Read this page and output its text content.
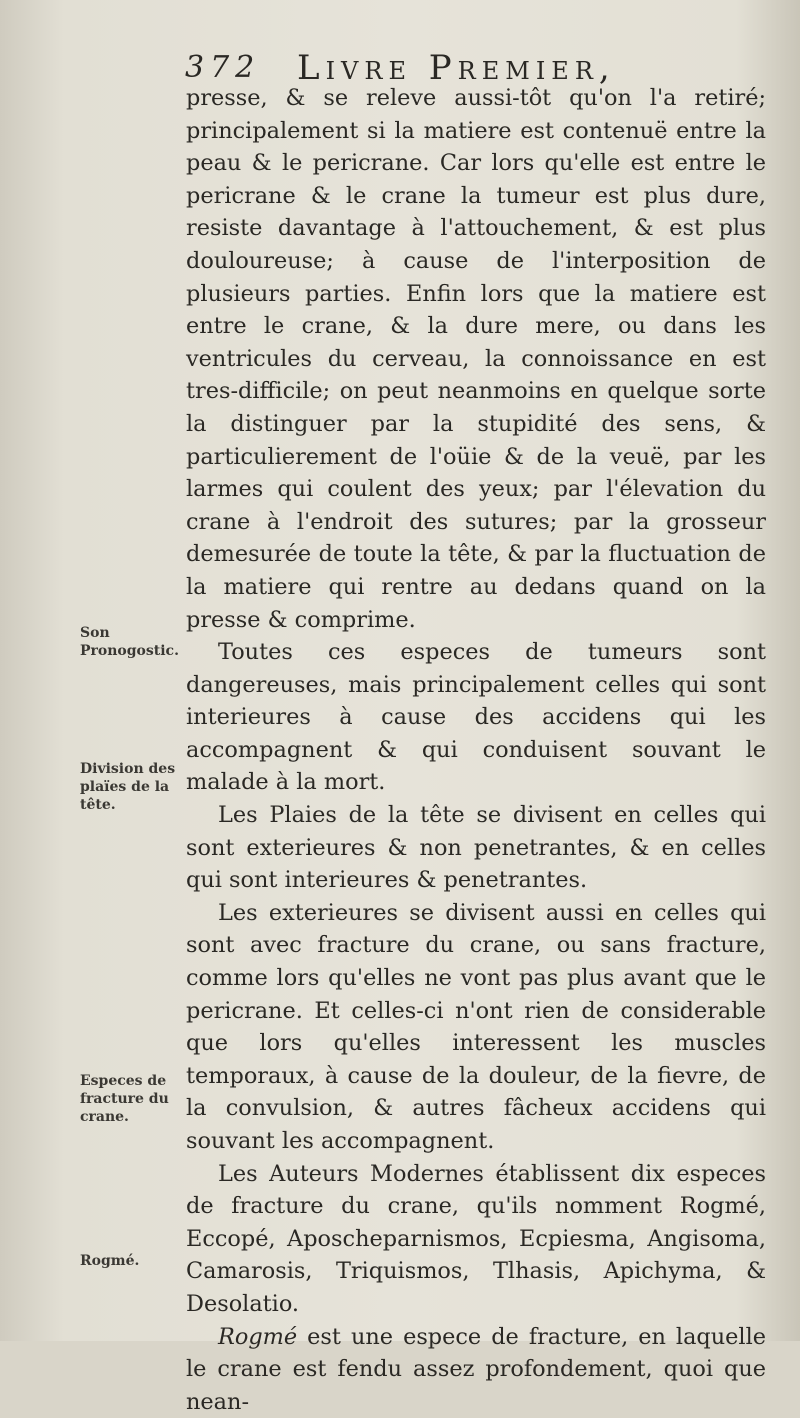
372 Livre Premier,

presse, & se releve aussi-tôt qu'on l'a retiré; principalement si la matiere est contenuë entre la peau & le pericrane. Car lors qu'elle est entre le pericrane & le crane la tumeur est plus dure, resiste davantage à l'attouchement, & est plus douloureuse; à cause de l'interposition de plusieurs parties. Enfin lors que la matiere est entre le crane, & la dure mere, ou dans les ventricules du cerveau, la connoissance en est tres-difficile; on peut neanmoins en quelque sorte la distinguer par la stupidité des sens, & particulierement de l'oüie & de la veuë, par les larmes qui coulent des yeux; par l'élevation du crane à l'endroit des sutures; par la grosseur demesurée de toute la tête, & par la fluctuation de la matiere qui rentre au dedans quand on la presse & comprime.

Toutes ces especes de tumeurs sont dangereuses, mais principalement celles qui sont interieures à cause des accidens qui les accompagnent & qui conduisent souvant le malade à la mort.

Les Plaies de la tête se divisent en celles qui sont exterieures & non penetrantes, & en celles qui sont interieures & penetrantes.

Les exterieures se divisent aussi en celles qui sont avec fracture du crane, ou sans fracture, comme lors qu'elles ne vont pas plus avant que le pericrane. Et celles-ci n'ont rien de considerable que lors qu'elles interessent les muscles temporaux, à cause de la douleur, de la fievre, de la convulsion, & autres fâcheux accidens qui souvant les accompagnent.

Les Auteurs Modernes établissent dix especes de fracture du crane, qu'ils nomment Rogmé, Eccopé, Aposcheparnismos, Ecpiesma, Angisoma, Camarosis, Triquismos, Tlhasis, Apichyma, & Desolatio.

Rogmé est une espece de fracture, en laquelle le crane est fendu assez profondement, quoi que nean-

Son Pronogostic.
Division des plaïes de la tête.
Especes de fracture du crane.
Rogmé.
